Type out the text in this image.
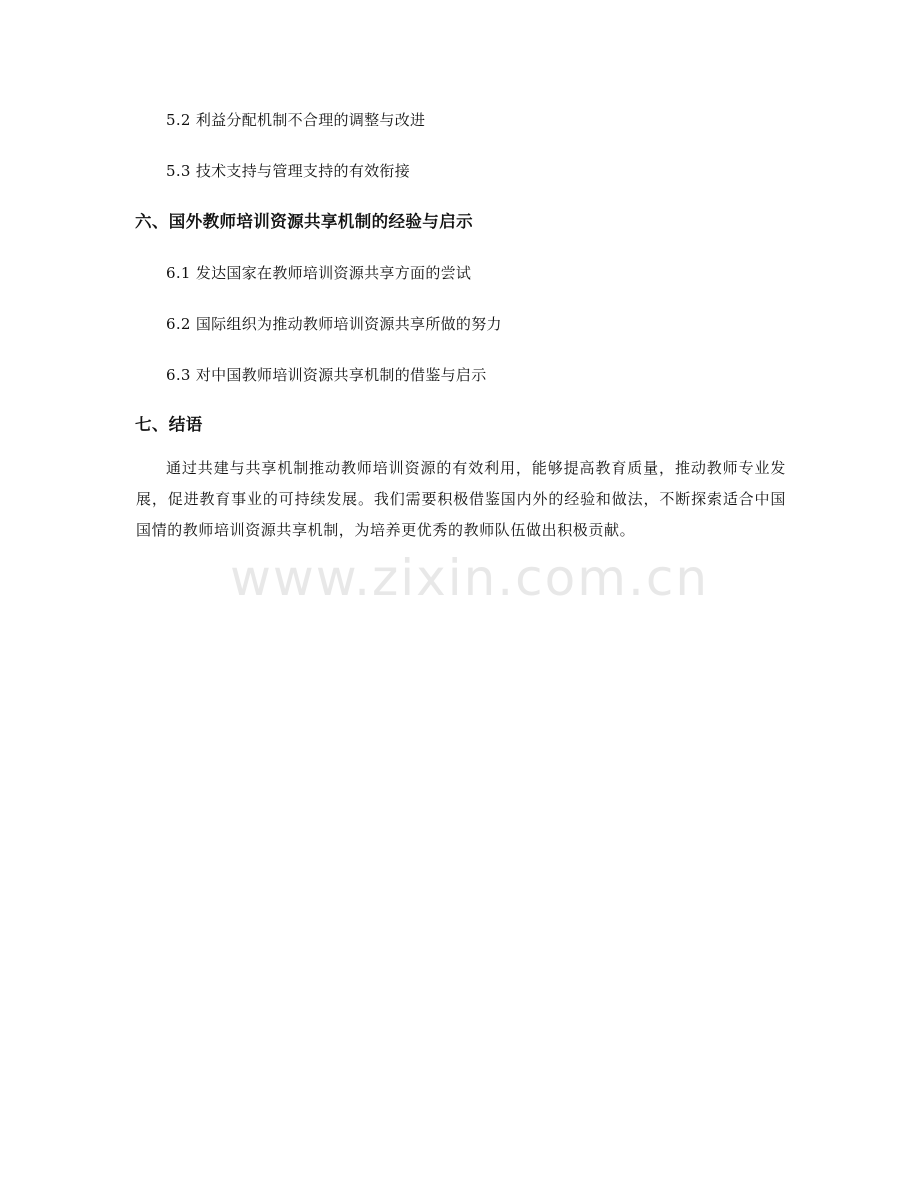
5.2 利益分配机制不合理的调整与改进
5.3 技术支持与管理支持的有效衔接
六、国外教师培训资源共享机制的经验与启示
6.1 发达国家在教师培训资源共享方面的尝试
6.2 国际组织为推动教师培训资源共享所做的努力
6.3 对中国教师培训资源共享机制的借鉴与启示
七、结语

通过共建与共享机制推动教师培训资源的有效利用，能够提高教育质量，推动教师专业发展，促进教育事业的可持续发展。我们需要积极借鉴国内外的经验和做法，不断探索适合中国国情的教师培训资源共享机制，为培养更优秀的教师队伍做出积极贡献。

www.zixin.com.cn
